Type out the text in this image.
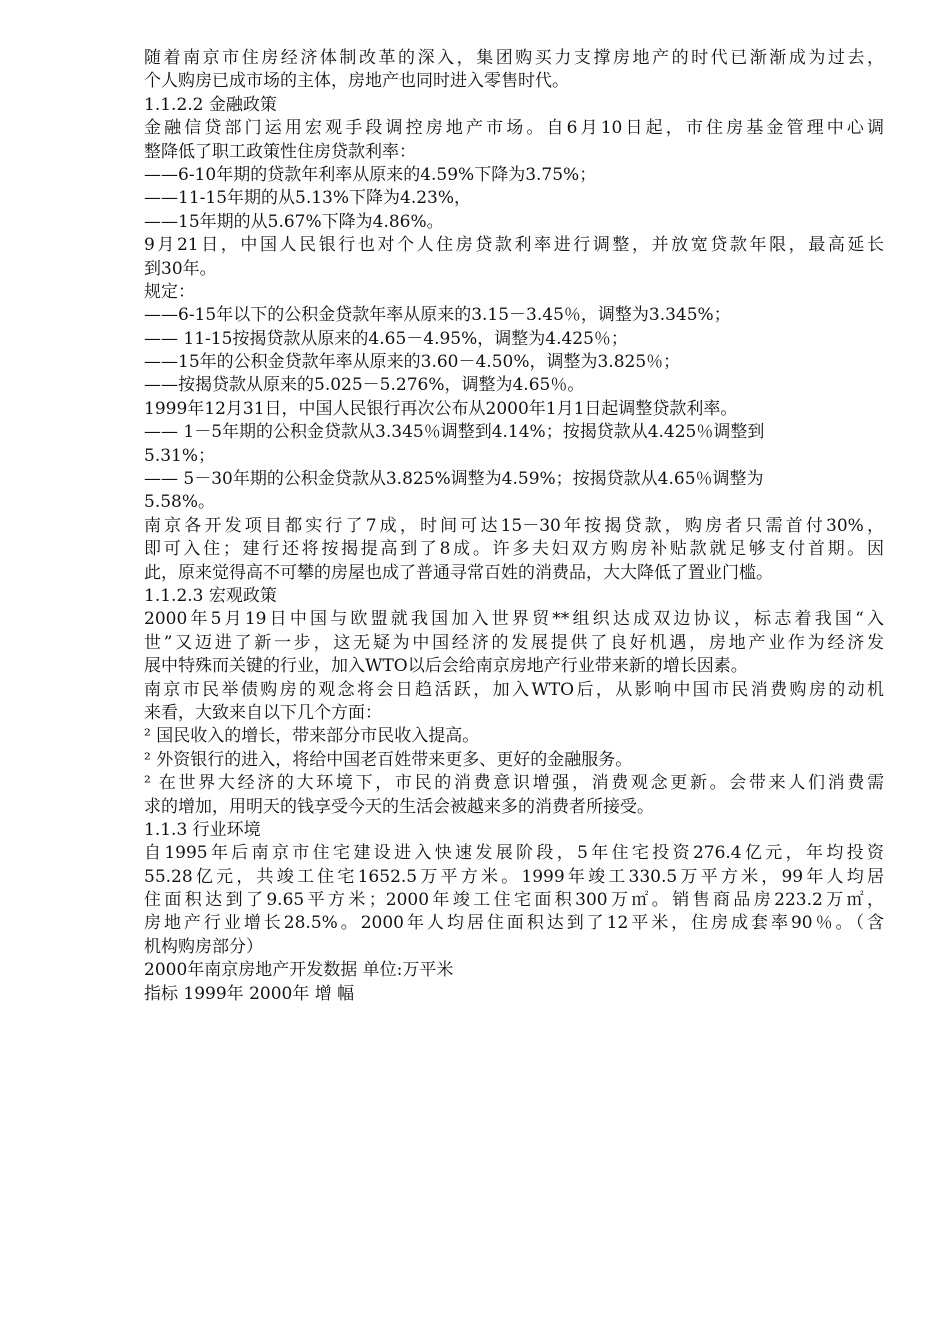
随着南京市住房经济体制改革的深入，集团购买力支撑房地产的时代已渐渐成为过去，
个人购房已成市场的主体，房地产也同时进入零售时代。
1.1.2.2 金融政策
金融信贷部门运用宏观手段调控房地产市场。自6月10日起，市住房基金管理中心调
整降低了职工政策性住房贷款利率：
——6-10年期的贷款年利率从原来的4.59%下降为3.75%；
——11-15年期的从5.13%下降为4.23%，
——15年期的从5.67%下降为4.86%。
9月21日，中国人民银行也对个人住房贷款利率进行调整，并放宽贷款年限，最高延长
到30年。
规定：
——6-15年以下的公积金贷款年率从原来的3.15－3.45％，调整为3.345%；
—— 11-15按揭贷款从原来的4.65－4.95%，调整为4.425％；
——15年的公积金贷款年率从原来的3.60－4.50%，调整为3.825％；
——按揭贷款从原来的5.025－5.276%，调整为4.65％。
1999年12月31日，中国人民银行再次公布从2000年1月1日起调整贷款利率。
—— 1－5年期的公积金贷款从3.345％调整到4.14%；按揭贷款从4.425％调整到
5.31%；
—— 5－30年期的公积金贷款从3.825%调整为4.59%；按揭贷款从4.65％调整为
5.58%。
南京各开发项目都实行了7成，时间可达15－30年按揭贷款，购房者只需首付30%，
即可入住；建行还将按揭提高到了8成。许多夫妇双方购房补贴款就足够支付首期。因
此，原来觉得高不可攀的房屋也成了普通寻常百姓的消费品，大大降低了置业门槛。
1.1.2.3 宏观政策
2000年5月19日中国与欧盟就我国加入世界贸**组织达成双边协议，标志着我国“入
世”又迈进了新一步，这无疑为中国经济的发展提供了良好机遇，房地产业作为经济发
展中特殊而关键的行业，加入WTO以后会给南京房地产行业带来新的增长因素。
南京市民举债购房的观念将会日趋活跃，加入WTO后，从影响中国市民消费购房的动机
来看，大致来自以下几个方面：
² 国民收入的增长，带来部分市民收入提高。
² 外资银行的进入，将给中国老百姓带来更多、更好的金融服务。
² 在世界大经济的大环境下，市民的消费意识增强，消费观念更新。会带来人们消费需
求的增加，用明天的钱享受今天的生活会被越来多的消费者所接受。
1.1.3 行业环境
自1995年后南京市住宅建设进入快速发展阶段，5年住宅投资276.4亿元，年均投资
55.28亿元，共竣工住宅1652.5万平方米。1999年竣工330.5万平方米，99年人均居
住面积达到了9.65平方米；2000年竣工住宅面积300万㎡。销售商品房223.2万㎡，
房地产行业增长28.5%。2000年人均居住面积达到了12平米，住房成套率90％。（含
机构购房部分）
2000年南京房地产开发数据 单位:万平米
指标 1999年 2000年 增 幅
